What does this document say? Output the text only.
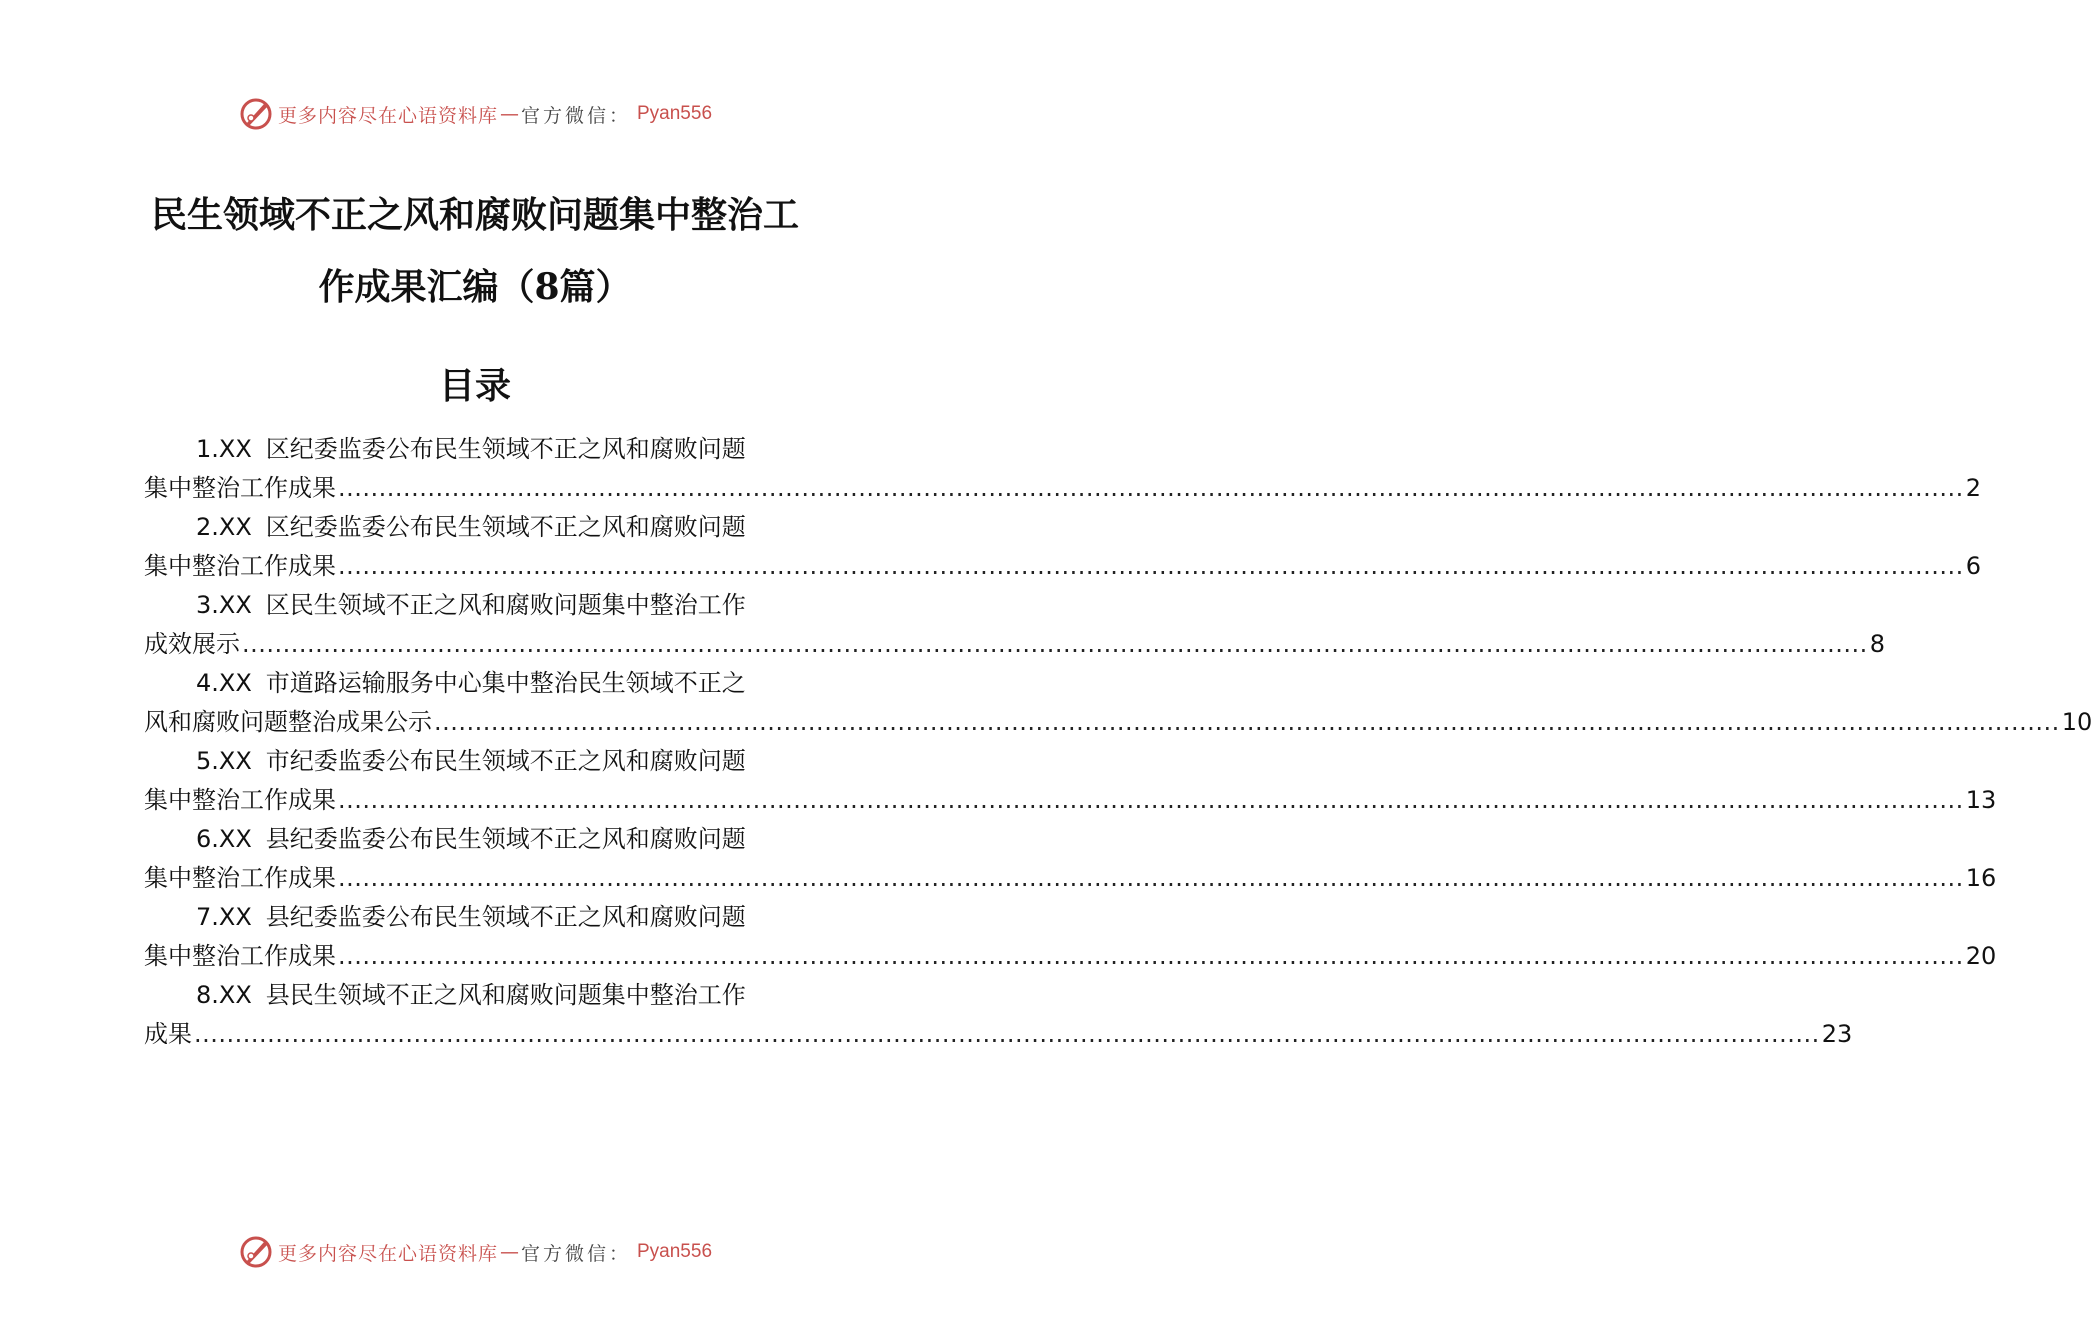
更多内容尽在心语资料库 — 官方微信： Pyan556
民生领域不正之风和腐败问题集中整治工
作成果汇编（8篇）
目录
1.XX 区纪委监委公布民生领域不正之风和腐败问题
集中整治工作成果 ........................................................................................................................................................................................................ 2
2.XX 区纪委监委公布民生领域不正之风和腐败问题
集中整治工作成果 ........................................................................................................................................................................................................ 6
3.XX 区民生领域不正之风和腐败问题集中整治工作
成效展示 ........................................................................................................................................................................................................ 8
4.XX 市道路运输服务中心集中整治民生领域不正之
风和腐败问题整治成果公示 ........................................................................................................................................................................................................ 10
5.XX 市纪委监委公布民生领域不正之风和腐败问题
集中整治工作成果 ........................................................................................................................................................................................................ 13
6.XX 县纪委监委公布民生领域不正之风和腐败问题
集中整治工作成果 ........................................................................................................................................................................................................ 16
7.XX 县纪委监委公布民生领域不正之风和腐败问题
集中整治工作成果 ........................................................................................................................................................................................................ 20
8.XX 县民生领域不正之风和腐败问题集中整治工作
成果 ........................................................................................................................................................................................................ 23
更多内容尽在心语资料库 — 官方微信： Pyan556
